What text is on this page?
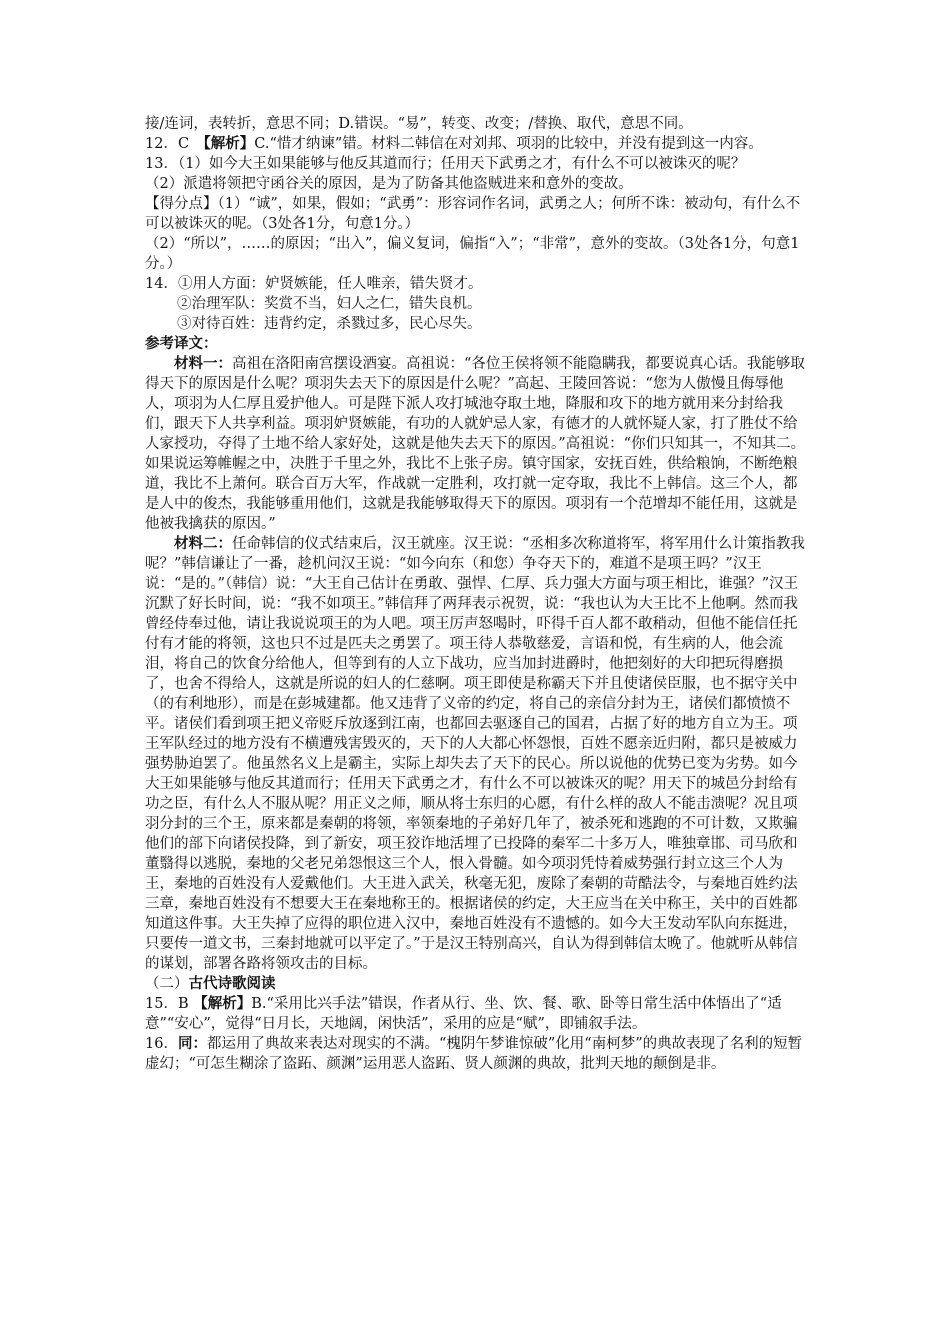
接/连词，表转折，意思不同；D.错误。“易”，转变、改变；/替换、取代，意思不同。

12．C　【解析】C.“惜才纳谏”错。材料二韩信在对刘邦、项羽的比较中，并没有提到这一内容。

13．（1）如今大王如果能够与他反其道而行；任用天下武勇之才，有什么不可以被诛灭的呢？

（2）派遣将领把守函谷关的原因，是为了防备其他盗贼进来和意外的变故。

【得分点】（1）“诚”，如果，假如；“武勇”：形容词作名词，武勇之人；何所不诛：被动句，有什么不可以被诛灭的呢。（3处各1分，句意1分。）

（2）“所以”，……的原因；“出入”，偏义复词，偏指“入”；“非常”，意外的变故。（3处各1分，句意1分。）

14．①用人方面：妒贤嫉能，任人唯亲，错失贤才。

②治理军队：奖赏不当，妇人之仁，错失良机。

③对待百姓：违背约定，杀戮过多，民心尽失。

参考译文：

材料一：高祖在洛阳南宫摆设酒宴。高祖说：“各位王侯将领不能隐瞒我，都要说真心话。我能够取得天下的原因是什么呢？项羽失去天下的原因是什么呢？”高起、王陵回答说：“您为人傲慢且侮辱他人，项羽为人仁厚且爱护他人。可是陛下派人攻打城池夺取土地，降服和攻下的地方就用来分封给我们，跟天下人共享利益。项羽妒贤嫉能，有功的人就妒忌人家，有德才的人就怀疑人家，打了胜仗不给人家授功，夺得了土地不给人家好处，这就是他失去天下的原因。”高祖说：“你们只知其一，不知其二。如果说运筹帷幄之中，决胜于千里之外，我比不上张子房。镇守国家，安抚百姓，供给粮饷，不断绝粮道，我比不上萧何。联合百万大军，作战就一定胜利，攻打就一定夺取，我比不上韩信。这三个人，都是人中的俊杰，我能够重用他们，这就是我能够取得天下的原因。项羽有一个范增却不能任用，这就是他被我擒获的原因。”

材料二：任命韩信的仪式结束后，汉王就座。汉王说：“丞相多次称道将军，将军用什么计策指教我呢？”韩信谦让了一番，趁机问汉王说：“如今向东（和您）争夺天下的，难道不是项王吗？”汉王说：“是的。”（韩信）说：“大王自己估计在勇敢、强悍、仁厚、兵力强大方面与项王相比，谁强？”汉王沉默了好长时间，说：“我不如项王。”韩信拜了两拜表示祝贺，说：“我也认为大王比不上他啊。然而我曾经侍奉过他，请让我说说项王的为人吧。项王厉声怒喝时，吓得千百人都不敢稍动，但他不能信任托付有才能的将领，这也只不过是匹夫之勇罢了。项王待人恭敬慈爱，言语和悦，有生病的人，他会流泪，将自己的饮食分给他人，但等到有的人立下战功，应当加封进爵时，他把刻好的大印把玩得磨损了，也舍不得给人，这就是所说的妇人的仁慈啊。项王即使是称霸天下并且使诸侯臣服，也不据守关中（的有利地形），而是在彭城建都。他又违背了义帝的约定，将自己的亲信分封为王，诸侯们都愤愤不平。诸侯们看到项王把义帝贬斥放逐到江南，也都回去驱逐自己的国君，占据了好的地方自立为王。项王军队经过的地方没有不横遭残害毁灭的，天下的人大都心怀怨恨，百姓不愿亲近归附，都只是被威力强势胁迫罢了。他虽然名义上是霸主，实际上却失去了天下的民心。所以说他的优势已变为劣势。如今大王如果能够与他反其道而行；任用天下武勇之才，有什么不可以被诛灭的呢？用天下的城邑分封给有功之臣，有什么人不服从呢？用正义之师，顺从将士东归的心愿，有什么样的敌人不能击溃呢？况且项羽分封的三个王，原来都是秦朝的将领，率领秦地的子弟好几年了，被杀死和逃跑的不可计数，又欺骗他们的部下向诸侯投降，到了新安，项王狡诈地活埋了已投降的秦军二十多万人，唯独章邯、司马欣和董翳得以逃脱，秦地的父老兄弟怨恨这三个人，恨入骨髓。如今项羽凭恃着威势强行封立这三个人为王，秦地的百姓没有人爱戴他们。大王进入武关，秋毫无犯，废除了秦朝的苛酷法令，与秦地百姓约法三章，秦地百姓没有不想要大王在秦地称王的。根据诸侯的约定，大王应当在关中称王，关中的百姓都知道这件事。大王失掉了应得的职位进入汉中，秦地百姓没有不遗憾的。如今大王发动军队向东挺进，只要传一道文书，三秦封地就可以平定了。”于是汉王特别高兴，自认为得到韩信太晚了。他就听从韩信的谋划，部署各路将领攻击的目标。

（二）古代诗歌阅读

15．B 【解析】B.“采用比兴手法”错误，作者从行、坐、饮、餐、歌、卧等日常生活中体悟出了“适意”“安心”，觉得“日月长，天地阔，闲快活”，采用的应是“赋”，即铺叙手法。

16．同：都运用了典故来表达对现实的不满。“槐阴午梦谁惊破”化用“南柯梦”的典故表现了名利的短暂虚幻；“可怎生糊涂了盗跖、颜渊”运用恶人盗跖、贤人颜渊的典故，批判天地的颠倒是非。
